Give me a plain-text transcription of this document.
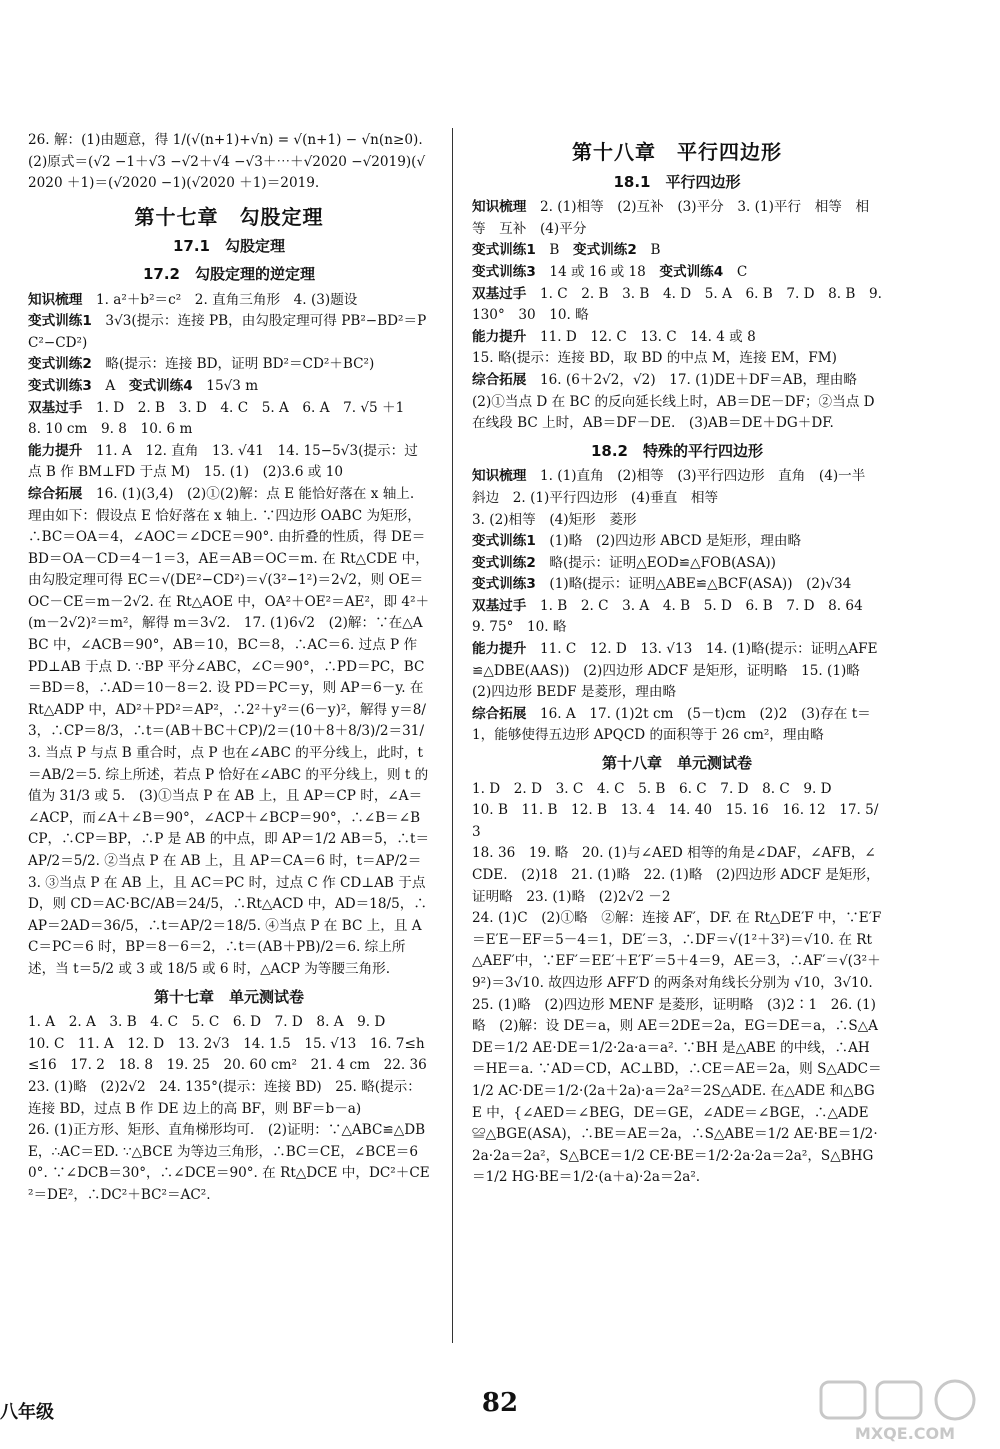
26. 解：(1)由题意，得 1/(√(n+1)+√n) = √(n+1) − √n(n≥0).

(2)原式＝(√2 −1＋√3 −√2＋√4 −√3＋⋯＋√2020 −√2019)(√2020 ＋1)＝(√2020 −1)(√2020 ＋1)＝2019.

第十七章　勾股定理
17.1　勾股定理
17.2　勾股定理的逆定理

知识梳理　1. a²＋b²＝c²　2. 直角三角形　4. (3)题设

变式训练1　3√3(提示：连接 PB，由勾股定理可得 PB²−BD²＝PC²−CD²)

变式训练2　略(提示：连接 BD，证明 BD²＝CD²＋BC²)

变式训练3　A　变式训练4　15√3 m

双基过手　1. D　2. B　3. D　4. C　5. A　6. A　7. √5 ＋1　8. 10 cm　9. 8　10. 6 m

能力提升　11. A　12. 直角　13. √41　14. 15−5√3(提示：过点 B 作 BM⊥FD 于点 M)　15. (1)　(2)3.6 或 10

综合拓展　16. (1)(3,4)　(2)①(2)解：点 E 能恰好落在 x 轴上. 理由如下：假设点 E 恰好落在 x 轴上. ∵四边形 OABC 为矩形，∴BC＝OA＝4，∠AOC＝∠DCE＝90°. 由折叠的性质，得 DE＝BD＝OA－CD＝4－1＝3，AE＝AB＝OC＝m. 在 Rt△CDE 中，由勾股定理可得 EC＝√(DE²−CD²)＝√(3²−1²)＝2√2，则 OE＝OC－CE＝m－2√2. 在 Rt△AOE 中，OA²＋OE²＝AE²，即 4²＋(m－2√2)²＝m²，解得 m＝3√2.　17. (1)6√2　(2)解：∵在△ABC 中，∠ACB＝90°，AB＝10，BC＝8，∴AC＝6. 过点 P 作 PD⊥AB 于点 D. ∵BP 平分∠ABC，∠C＝90°，∴PD＝PC，BC＝BD＝8，∴AD＝10－8＝2. 设 PD＝PC＝y，则 AP＝6－y. 在 Rt△ADP 中，AD²＋PD²＝AP²，∴2²＋y²＝(6－y)²，解得 y＝8/3，∴CP＝8/3，∴t＝(AB＋BC＋CP)/2＝(10＋8＋8/3)/2＝31/3. 当点 P 与点 B 重合时，点 P 也在∠ABC 的平分线上，此时，t＝AB/2＝5. 综上所述，若点 P 恰好在∠ABC 的平分线上，则 t 的值为 31/3 或 5.　(3)①当点 P 在 AB 上，且 AP＝CP 时，∠A＝∠ACP，而∠A＋∠B＝90°，∠ACP＋∠BCP＝90°，∴∠B＝∠BCP，∴CP＝BP，∴P 是 AB 的中点，即 AP＝1/2 AB＝5，∴t＝AP/2＝5/2. ②当点 P 在 AB 上，且 AP＝CA＝6 时，t＝AP/2＝3. ③当点 P 在 AB 上，且 AC＝PC 时，过点 C 作 CD⊥AB 于点 D，则 CD＝AC·BC/AB＝24/5，∴Rt△ACD 中，AD＝18/5，∴AP＝2AD＝36/5，∴t＝AP/2＝18/5. ④当点 P 在 BC 上，且 AC＝PC＝6 时，BP＝8－6＝2，∴t＝(AB＋PB)/2＝6. 综上所述，当 t＝5/2 或 3 或 18/5 或 6 时，△ACP 为等腰三角形.

第十七章　单元测试卷

1. A　2. A　3. B　4. C　5. C　6. D　7. D　8. A　9. D

10. C　11. A　12. D　13. 2√3　14. 1.5　15. √13　16. 7≤h≤16　17. 2　18. 8　19. 25　20. 60 cm²　21. 4 cm　22. 36

23. (1)略　(2)2√2　24. 135°(提示：连接 BD)　25. 略(提示：连接 BD，过点 B 作 DE 边上的高 BF，则 BF＝b－a)

26. (1)正方形、矩形、直角梯形均可.　(2)证明：∵△ABC≌△DBE，∴AC＝ED. ∵△BCE 为等边三角形，∴BC＝CE，∠BCE＝60°. ∵∠DCB＝30°，∴∠DCE＝90°. 在 Rt△DCE 中，DC²＋CE²＝DE²，∴DC²＋BC²＝AC².

第十八章　平行四边形
18.1　平行四边形

知识梳理　2. (1)相等　(2)互补　(3)平分　3. (1)平行　相等　相等　互补　(4)平分

变式训练1　B　变式训练2　B

变式训练3　14 或 16 或 18　变式训练4　C

双基过手　1. C　2. B　3. B　4. D　5. A　6. B　7. D　8. B　9. 130°　30　10. 略

能力提升　11. D　12. C　13. C　14. 4 或 8

15. 略(提示：连接 BD，取 BD 的中点 M，连接 EM，FM)

综合拓展　16. (6＋2√2，√2)　17. (1)DE＋DF＝AB，理由略　(2)①当点 D 在 BC 的反向延长线上时，AB＝DE－DF；②当点 D 在线段 BC 上时，AB＝DF－DE.　(3)AB＝DE＋DG＋DF.

18.2　特殊的平行四边形

知识梳理　1. (1)直角　(2)相等　(3)平行四边形　直角　(4)一半　斜边　2. (1)平行四边形　(4)垂直　相等

3. (2)相等　(4)矩形　菱形

变式训练1　(1)略　(2)四边形 ABCD 是矩形，理由略

变式训练2　略(提示：证明△EOD≌△FOB(ASA))

变式训练3　(1)略(提示：证明△ABE≌△BCF(ASA))　(2)√34

双基过手　1. B　2. C　3. A　4. B　5. D　6. B　7. D　8. 64　9. 75°　10. 略

能力提升　11. C　12. D　13. √13　14. (1)略(提示：证明△AFE≌△DBE(AAS))　(2)四边形 ADCF 是矩形，证明略　15. (1)略　(2)四边形 BEDF 是菱形，理由略

综合拓展　16. A　17. (1)2t cm　(5－t)cm　(2)2　(3)存在 t＝1，能够使得五边形 APQCD 的面积等于 26 cm²，理由略

第十八章　单元测试卷

1. D　2. D　3. C　4. C　5. B　6. C　7. D　8. C　9. D

10. B　11. B　12. B　13. 4　14. 40　15. 16　16. 12　17. 5/3

18. 36　19. 略　20. (1)与∠AED 相等的角是∠DAF，∠AFB，∠CDE.　(2)18　21. (1)略　22. (1)略　(2)四边形 ADCF 是矩形，证明略　23. (1)略　(2)2√2 －2

24. (1)C　(2)①略　②解：连接 AF′，DF. 在 Rt△DE′F 中，∵E′F＝E′E－EF＝5－4＝1，DE′＝3，∴DF＝√(1²＋3²)＝√10. 在 Rt△AEF′中，∵EF′＝EE′＋E′F′＝5＋4＝9，AE＝3，∴AF′＝√(3²＋9²)＝3√10. 故四边形 AFF′D 的两条对角线长分别为 √10，3√10.　25. (1)略　(2)四边形 MENF 是菱形，证明略　(3)2∶1　26. (1)略　(2)解：设 DE＝a，则 AE＝2DE＝2a，EG＝DE＝a，∴S△ADE＝1/2 AE·DE＝1/2·2a·a＝a². ∵BH 是△ABE 的中线，∴AH＝HE＝a. ∵AD＝CD，AC⊥BD，∴CE＝AE＝2a，则 S△ADC＝1/2 AC·DE＝1/2·(2a＋2a)·a＝2a²＝2S△ADE. 在△ADE 和△BGE 中，{∠AED＝∠BEG，DE＝GE，∠ADE＝∠BGE，∴△ADE≌△BGE(ASA)，∴BE＝AE＝2a，∴S△ABE＝1/2 AE·BE＝1/2·2a·2a＝2a²，S△BCE＝1/2 CE·BE＝1/2·2a·2a＝2a²，S△BHG＝1/2 HG·BE＝1/2·(a＋a)·2a＝2a².

八年级	82
MXQE.COM
